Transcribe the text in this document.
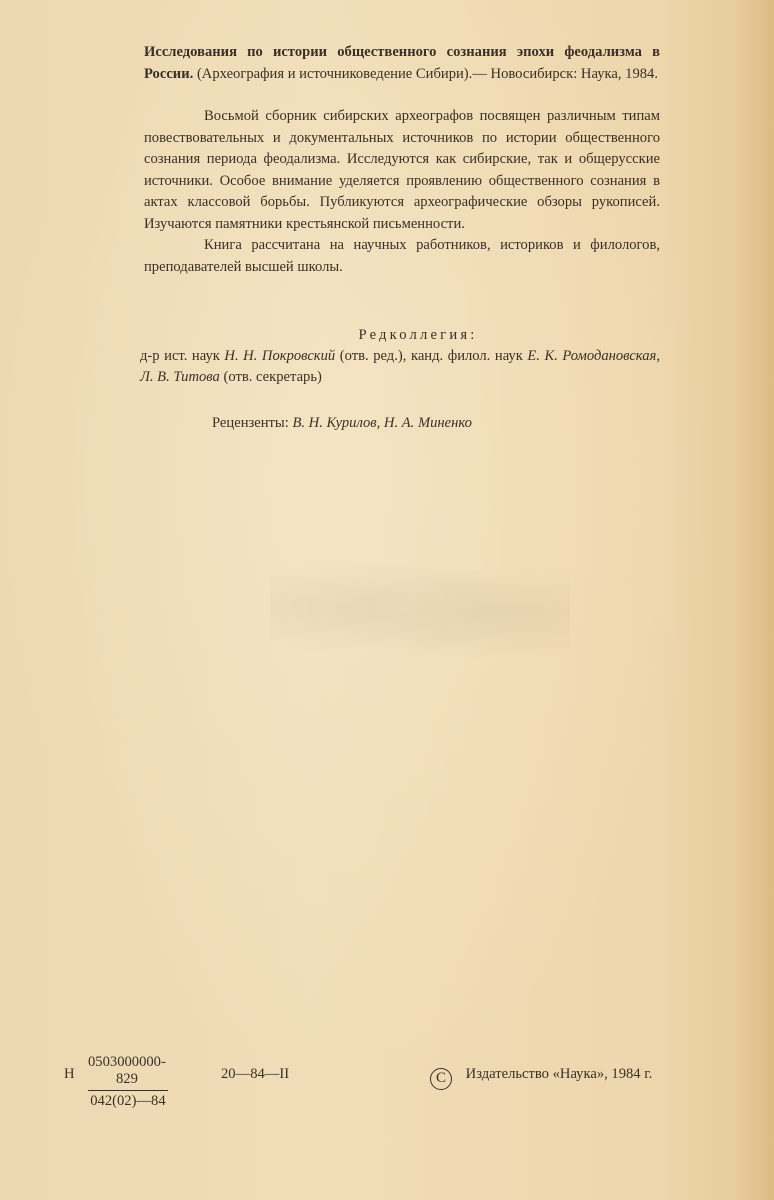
Исследования по истории общественного сознания эпохи феодализма в России. (Археография и источниковедение Сибири).— Новосибирск: Наука, 1984.

Восьмой сборник сибирских археографов посвящен различным типам повествовательных и документальных источников по истории общественного сознания периода феодализма. Исследуются как сибирские, так и общерусские источники. Особое внимание уделяется проявлению общественного сознания в актах классовой борьбы. Публикуются археографические обзоры рукописей. Изучаются памятники крестьянской письменности.

Книга рассчитана на научных работников, историков и филологов, преподавателей высшей школы.

Редколлегия:
д-р ист. наук Н. Н. Покровский (отв. ред.), канд. филол. наук Е. К. Ромодановская, Л. В. Титова (отв. секретарь)
Рецензенты: В. Н. Курилов, Н. А. Миненко
Н $\frac{0503000000-829}{042(02)—84}$	20—84—II	C Издательство «Наука», 1984 г.
